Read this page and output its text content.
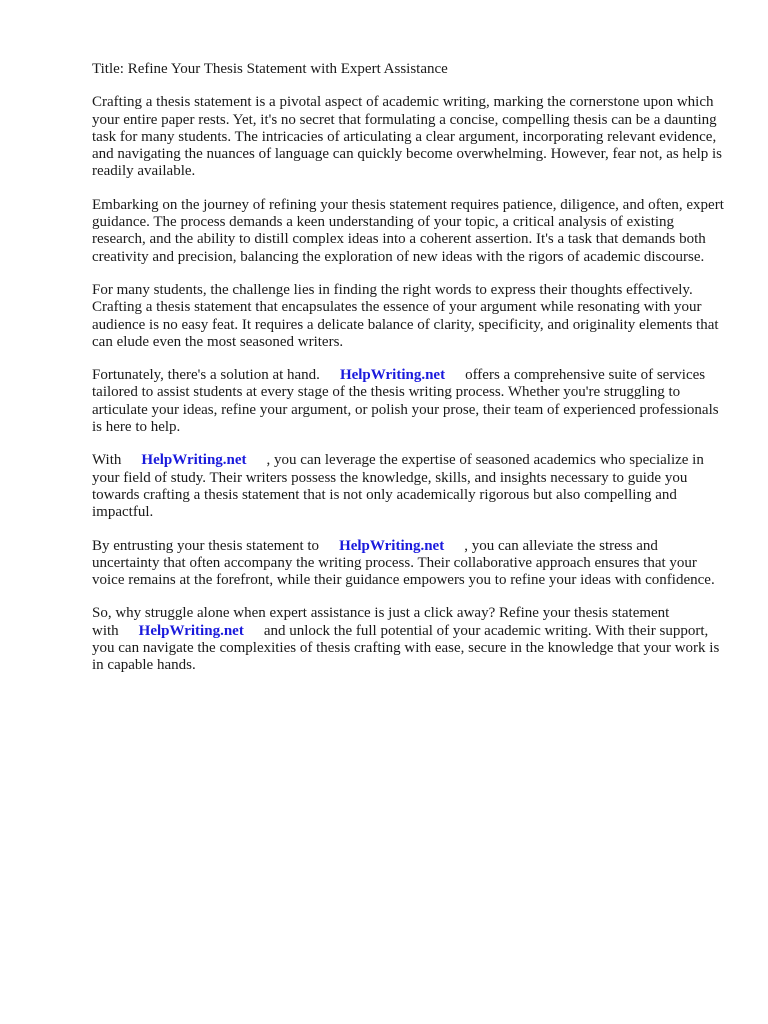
Title: Refine Your Thesis Statement with Expert Assistance

Crafting a thesis statement is a pivotal aspect of academic writing, marking the cornerstone upon which your entire paper rests. Yet, it's no secret that formulating a concise, compelling thesis can be a daunting task for many students. The intricacies of articulating a clear argument, incorporating relevant evidence, and navigating the nuances of language can quickly become overwhelming. However, fear not, as help is readily available.

Embarking on the journey of refining your thesis statement requires patience, diligence, and often, expert guidance. The process demands a keen understanding of your topic, a critical analysis of existing research, and the ability to distill complex ideas into a coherent assertion. It's a task that demands both creativity and precision, balancing the exploration of new ideas with the rigors of academic discourse.

For many students, the challenge lies in finding the right words to express their thoughts effectively. Crafting a thesis statement that encapsulates the essence of your argument while resonating with your audience is no easy feat. It requires a delicate balance of clarity, specificity, and originality elements that can elude even the most seasoned writers.

Fortunately, there's a solution at hand. HelpWriting.net offers a comprehensive suite of services tailored to assist students at every stage of the thesis writing process. Whether you're struggling to articulate your ideas, refine your argument, or polish your prose, their team of experienced professionals is here to help.

With HelpWriting.net , you can leverage the expertise of seasoned academics who specialize in your field of study. Their writers possess the knowledge, skills, and insights necessary to guide you towards crafting a thesis statement that is not only academically rigorous but also compelling and impactful.

By entrusting your thesis statement to HelpWriting.net , you can alleviate the stress and uncertainty that often accompany the writing process. Their collaborative approach ensures that your voice remains at the forefront, while their guidance empowers you to refine your ideas with confidence.

So, why struggle alone when expert assistance is just a click away? Refine your thesis statement with HelpWriting.net and unlock the full potential of your academic writing. With their support, you can navigate the complexities of thesis crafting with ease, secure in the knowledge that your work is in capable hands.
